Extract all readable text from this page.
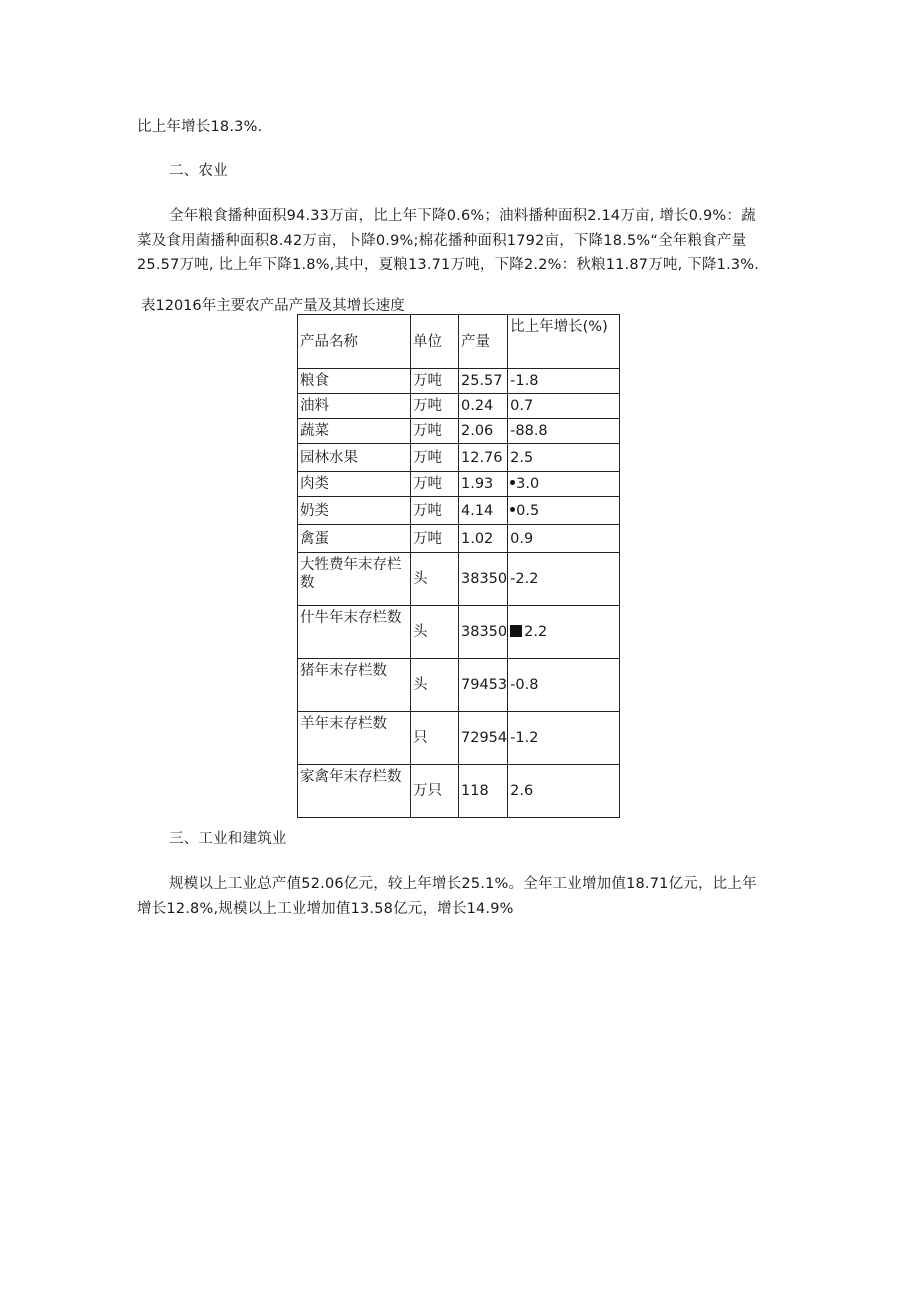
比上年增长18.3%.
二、农业
全年粮食播种面积94.33万亩，比上年下降0.6%；油料播种面积2.14万亩, 增长0.9%：蔬
菜及食用菌播种面积8.42万亩，卜降0.9%;棉花播种面积1792亩，下降18.5%“全年粮食产量
25.57万吨, 比上年下降1.8%,其中，夏粮13.71万吨，下降2.2%：秋粮11.87万吨, 下降1.3%.
表12016年主要农产品产量及其增长速度
产品名称	单位	产量	比上年增长(%)
粮食	万吨	25.57	-1.8
油料	万吨	0.24	0.7
蔬菜	万吨	2.06	-88.8
园林水果	万吨	12.76	2.5
肉类	万吨	1.93	3.0
奶类	万吨	4.14	0.5
禽蛋	万吨	1.02	0.9
大牲费年末存栏数	头	38350	-2.2
什牛年末存栏数	头	38350	2.2
猪年末存栏数	头	79453	-0.8
羊年末存栏数	只	72954	-1.2
家禽年末存栏数	万只	118	2.6
三、工业和建筑业
规模以上工业总产值52.06亿元，较上年增长25.1%。全年工业增加值18.71亿元，比上年
增长12.8%,规模以上工业增加值13.58亿元，增长14.9%
